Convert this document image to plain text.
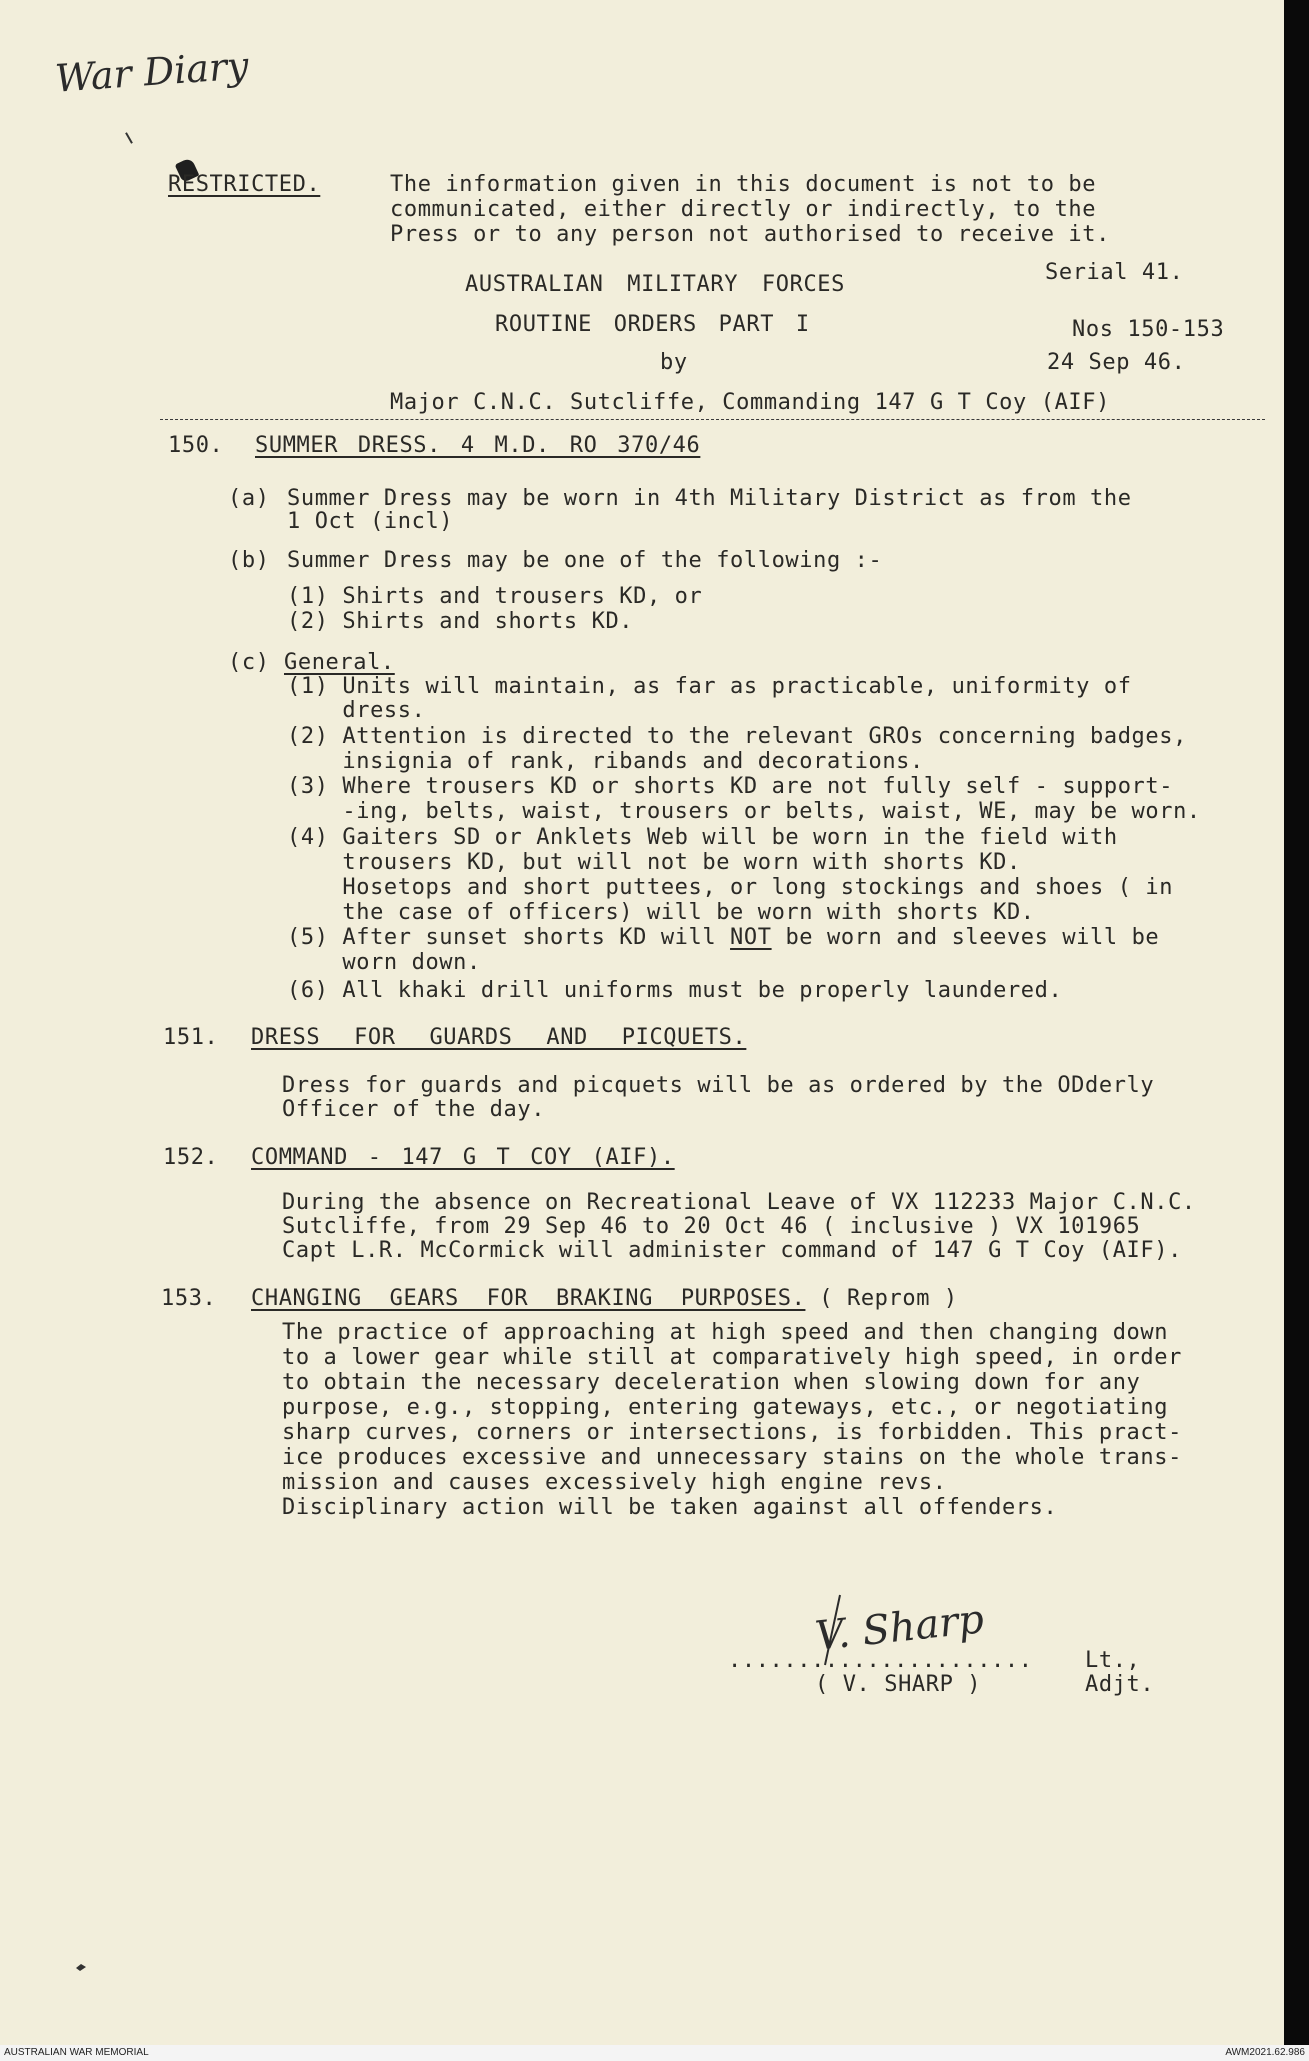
War Diary
RESTRICTED.	The information given in this document is not to be
communicated, either directly or indirectly, to the
Press or to any person not authorised to receive it.
Serial 41.
AUSTRALIAN MILITARY FORCES
ROUTINE ORDERS PART I	Nos 150-153
by	24 Sep 46.
Major C.N.C. Sutcliffe, Commanding 147 G T Coy (AIF)
150. SUMMER DRESS. 4 M.D. RO 370/46
(a) Summer Dress may be worn in 4th Military District as from the
1 Oct (incl)
(b) Summer Dress may be one of the following :-
(1) Shirts and trousers KD, or
(2) Shirts and shorts KD.
(c) General.
(1) Units will maintain, as far as practicable, uniformity of
dress.
(2) Attention is directed to the relevant GROs concerning badges,
insignia of rank, ribands and decorations.
(3) Where trousers KD or shorts KD are not fully self - support-
-ing, belts, waist, trousers or belts, waist, WE, may be worn.
(4) Gaiters SD or Anklets Web will be worn in the field with
trousers KD, but will not be worn with shorts KD.
Hosetops and short puttees, or long stockings and shoes ( in
the case of officers) will be worn with shorts KD.
(5) After sunset shorts KD will NOT be worn and sleeves will be
worn down.
(6) All khaki drill uniforms must be properly laundered.
151. DRESS FOR GUARDS AND PICQUETS.
Dress for guards and picquets will be as ordered by the ODderly
Officer of the day.
152. COMMAND - 147 G T COY (AIF).
During the absence on Recreational Leave of VX 112233 Major C.N.C.
Sutcliffe, from 29 Sep 46 to 20 Oct 46 ( inclusive ) VX 101965
Capt L.R. McCormick will administer command of 147 G T Coy (AIF).
153. CHANGING GEARS FOR BRAKING PURPOSES. ( Reprom )
The practice of approaching at high speed and then changing down
to a lower gear while still at comparatively high speed, in order
to obtain the necessary deceleration when slowing down for any
purpose, e.g., stopping, entering gateways, etc., or negotiating
sharp curves, corners or intersections, is forbidden. This pract-
ice produces excessive and unnecessary stains on the whole trans-
mission and causes excessively high engine revs.
Disciplinary action will be taken against all offenders.
V. Sharp
...................... Lt.,
( V. SHARP )	Adjt.
AUSTRALIAN WAR MEMORIAL	AWM2021.62.986
